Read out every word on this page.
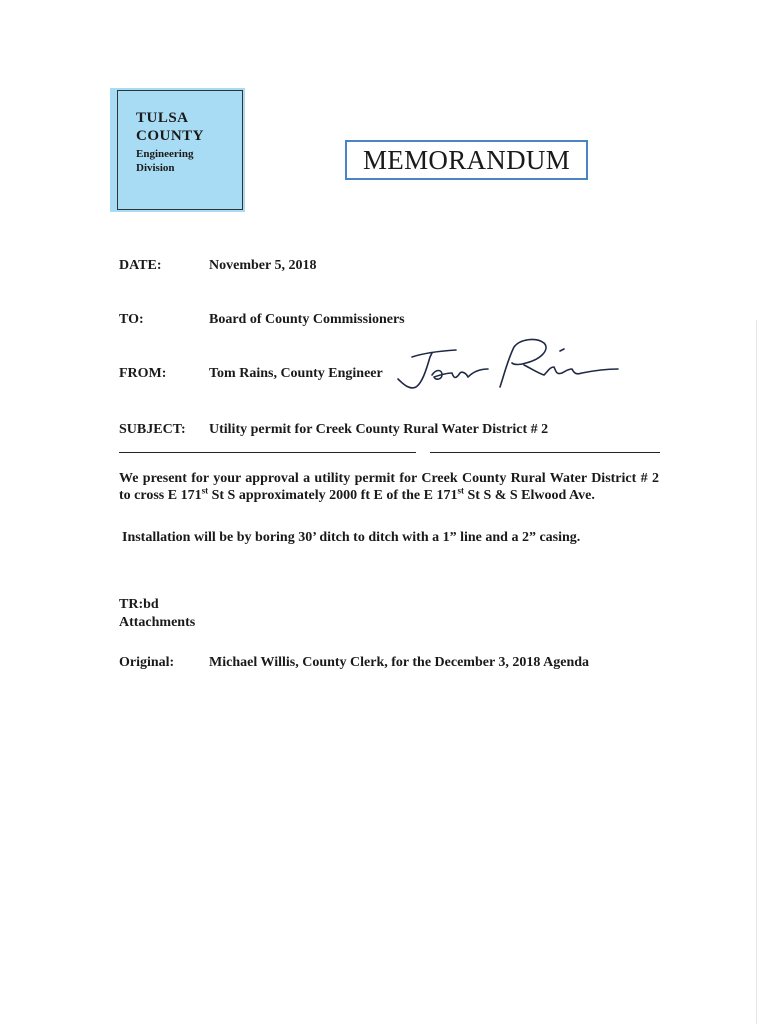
TULSA
COUNTY
Engineering
Division	MEMORANDUM
DATE:	November 5, 2018
TO:	Board of County Commissioners
FROM:	Tom Rains, County Engineer
SUBJECT: Utility permit for Creek County Rural Water District # 2
We present for your approval a utility permit for Creek County Rural Water District # 2 to cross E 171st St S approximately 2000 ft E of the E 171st St S & S Elwood Ave.
Installation will be by boring 30’ ditch to ditch with a 1” line and a 2” casing.
TR:bd
Attachments
Original: Michael Willis, County Clerk, for the December 3, 2018 Agenda
